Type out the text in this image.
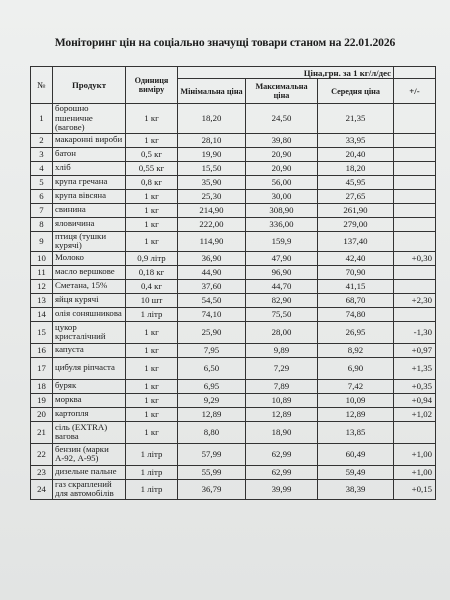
Моніторинг цін на соціально значущі товари станом на 22.01.2026
№	Продукт	Одиниця виміру	Ціна,грн. за 1 кг/л/дес			
			Мінімальна ціна	Максимальна ціна	Середня ціна	+/-
1	борошно пшеничне (вагове)	1 кг	18,20	24,50	21,35	
2	макаронні вироби	1 кг	28,10	39,80	33,95	
3	батон	0,5 кг	19,90	20,90	20,40	
4	хліб	0,55 кг	15,50	20,90	18,20	
5	крупа гречана	0,8 кг	35,90	56,00	45,95	
6	крупа вівсяна	1 кг	25,30	30,00	27,65	
7	свинина	1 кг	214,90	308,90	261,90	
8	яловичина	1 кг	222,00	336,00	279,00	
9	птиця (тушки курячі)	1 кг	114,90	159,9	137,40	
10	Молоко	0,9 літр	36,90	47,90	42,40	+0,30
11	масло вершкове	0,18 кг	44,90	96,90	70,90	
12	Сметана, 15%	0,4 кг	37,60	44,70	41,15	
13	яйця курячі	10 шт	54,50	82,90	68,70	+2,30
14	олія соняшникова	1 літр	74,10	75,50	74,80	
15	цукор кристалічний	1 кг	25,90	28,00	26,95	-1,30
16	капуста	1 кг	7,95	9,89	8,92	+0,97
17	цибуля ріпчаста	1 кг	6,50	7,29	6,90	+1,35
18	буряк	1 кг	6,95	7,89	7,42	+0,35
19	морква	1 кг	9,29	10,89	10,09	+0,94
20	картопля	1 кг	12,89	12,89	12,89	+1,02
21	сіль (EXTRA) вагова	1 кг	8,80	18,90	13,85	
22	бензин (марки А-92, А-95)	1 літр	57,99	62,99	60,49	+1,00
23	дизельне пальне	1 літр	55,99	62,99	59,49	+1,00
24	газ скраплений для автомобілів	1 літр	36,79	39,99	38,39	+0,15
